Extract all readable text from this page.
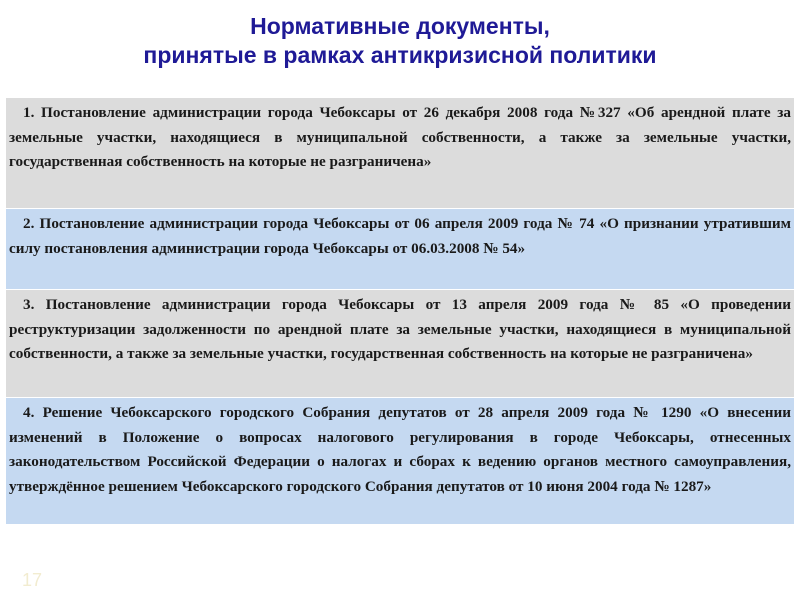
Нормативные документы,
принятые в рамках антикризисной политики

1. Постановление администрации города Чебоксары от 26 декабря 2008 года №327 «Об арендной плате за земельные участки, находящиеся в муниципальной собственности, а также за земельные участки, государственная собственность на которые не разграничена»

2. Постановление администрации города Чебоксары от 06 апреля 2009 года № 74 «О признании утратившим силу постановления администрации города Чебоксары от 06.03.2008 № 54»

3. Постановление администрации города Чебоксары от 13 апреля 2009 года № 85 «О проведении реструктуризации задолженности по арендной плате за земельные участки, находящиеся в муниципальной собственности, а также за земельные участки, государственная собственность на которые не разграничена»

4. Решение Чебоксарского городского Собрания депутатов от 28 апреля 2009 года № 1290 «О внесении изменений в Положение о вопросах налогового регулирования в городе Чебоксары, отнесенных законодательством Российской Федерации о налогах и сборах к ведению органов местного самоуправления, утверждённое решением Чебоксарского городского Собрания депутатов от 10 июня 2004 года № 1287»

17
